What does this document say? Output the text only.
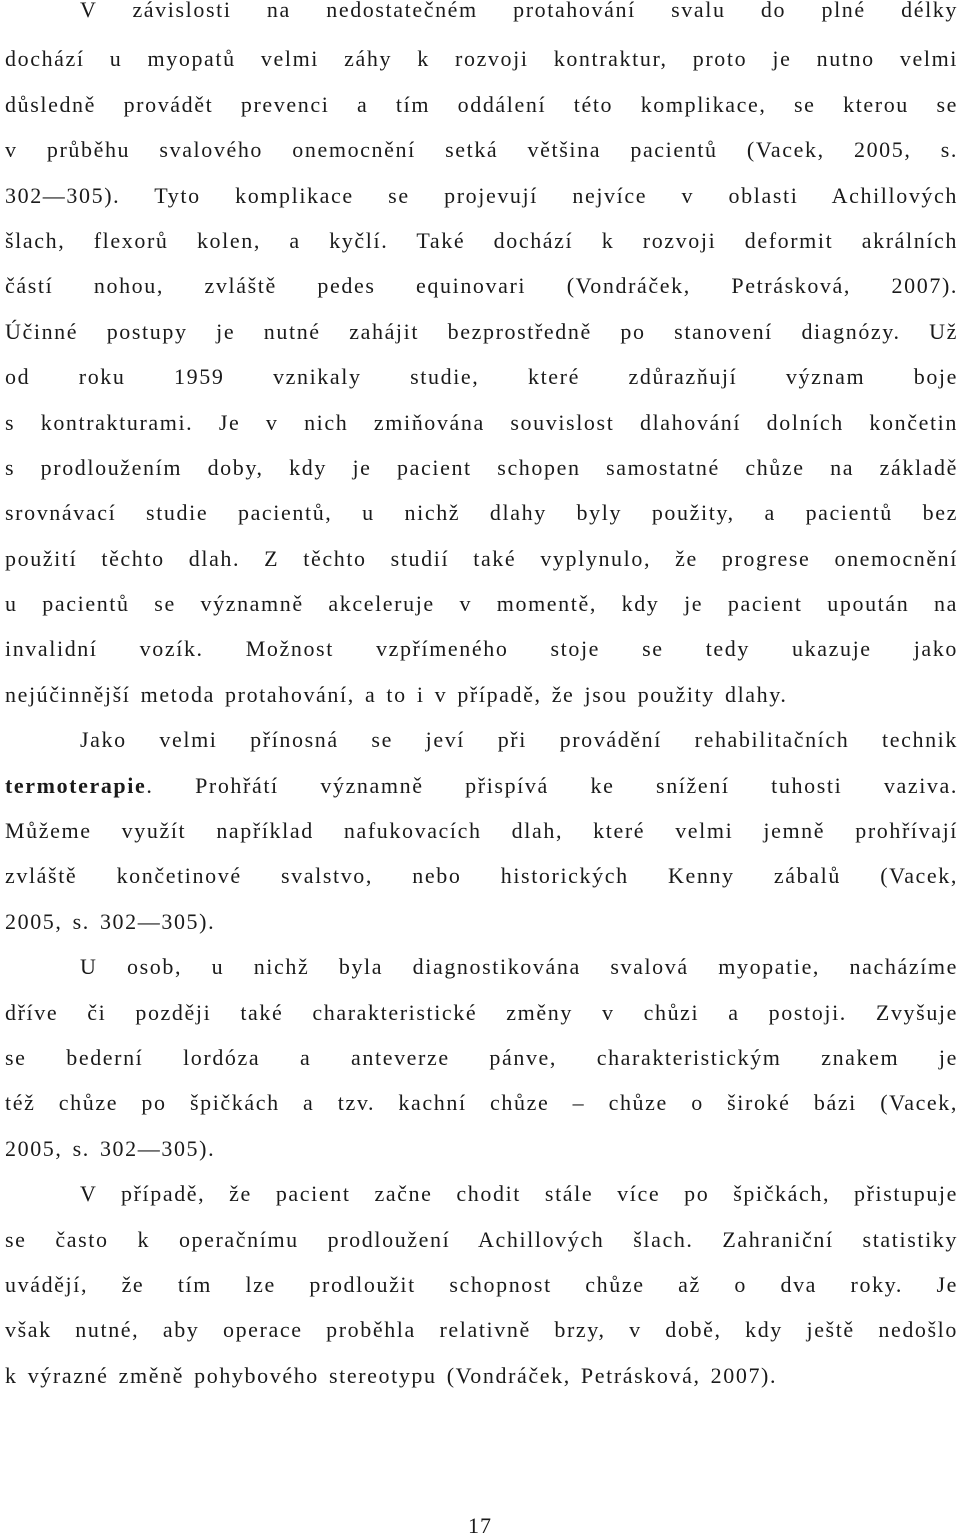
V závislosti na nedostatečném protahování svalu do plné délky
dochází u myopatů velmi záhy k rozvoji kontraktur, proto je nutno velmi
důsledně provádět prevenci a tím oddálení této komplikace, se kterou se
v průběhu svalového onemocnění setká většina pacientů (Vacek, 2005, s.
302―305). Tyto komplikace se projevují nejvíce v oblasti Achillových
šlach, flexorů kolen, a kyčlí. Také dochází k rozvoji deformit akrálních
částí nohou, zvláště pedes equinovari (Vondráček, Petrásková, 2007).
Účinné postupy je nutné zahájit bezprostředně po stanovení diagnózy. Už
od roku 1959 vznikaly studie, které zdůrazňují význam boje
s kontrakturami. Je v nich zmiňována souvislost dlahování dolních končetin
s prodloužením doby, kdy je pacient schopen samostatné chůze na základě
srovnávací studie pacientů, u nichž dlahy byly použity, a pacientů bez
použití těchto dlah. Z těchto studií také vyplynulo, že progrese onemocnění
u pacientů se významně akceleruje v momentě, kdy je pacient upoután na
invalidní vozík. Možnost vzpřímeného stoje se tedy ukazuje jako
nejúčinnější metoda protahování, a to i v případě, že jsou použity dlahy.
Jako velmi přínosná se jeví při provádění rehabilitačních technik
termoterapie. Prohřátí významně přispívá ke snížení tuhosti vaziva.
Můžeme využít například nafukovacích dlah, které velmi jemně prohřívají
zvláště končetinové svalstvo, nebo historických Kenny zábalů (Vacek,
2005, s. 302―305).
U osob, u nichž byla diagnostikována svalová myopatie, nacházíme
dříve či později také charakteristické změny v chůzi a postoji. Zvyšuje
se bederní lordóza a anteverze pánve, charakteristickým znakem je
též chůze po špičkách a tzv. kachní chůze – chůze o široké bázi (Vacek,
2005, s. 302―305).
V případě, že pacient začne chodit stále více po špičkách, přistupuje
se často k operačnímu prodloužení Achillových šlach. Zahraniční statistiky
uvádějí, že tím lze prodloužit schopnost chůze až o dva roky. Je
však nutné, aby operace proběhla relativně brzy, v době, kdy ještě nedošlo
k výrazné změně pohybového stereotypu (Vondráček, Petrásková, 2007).
17
